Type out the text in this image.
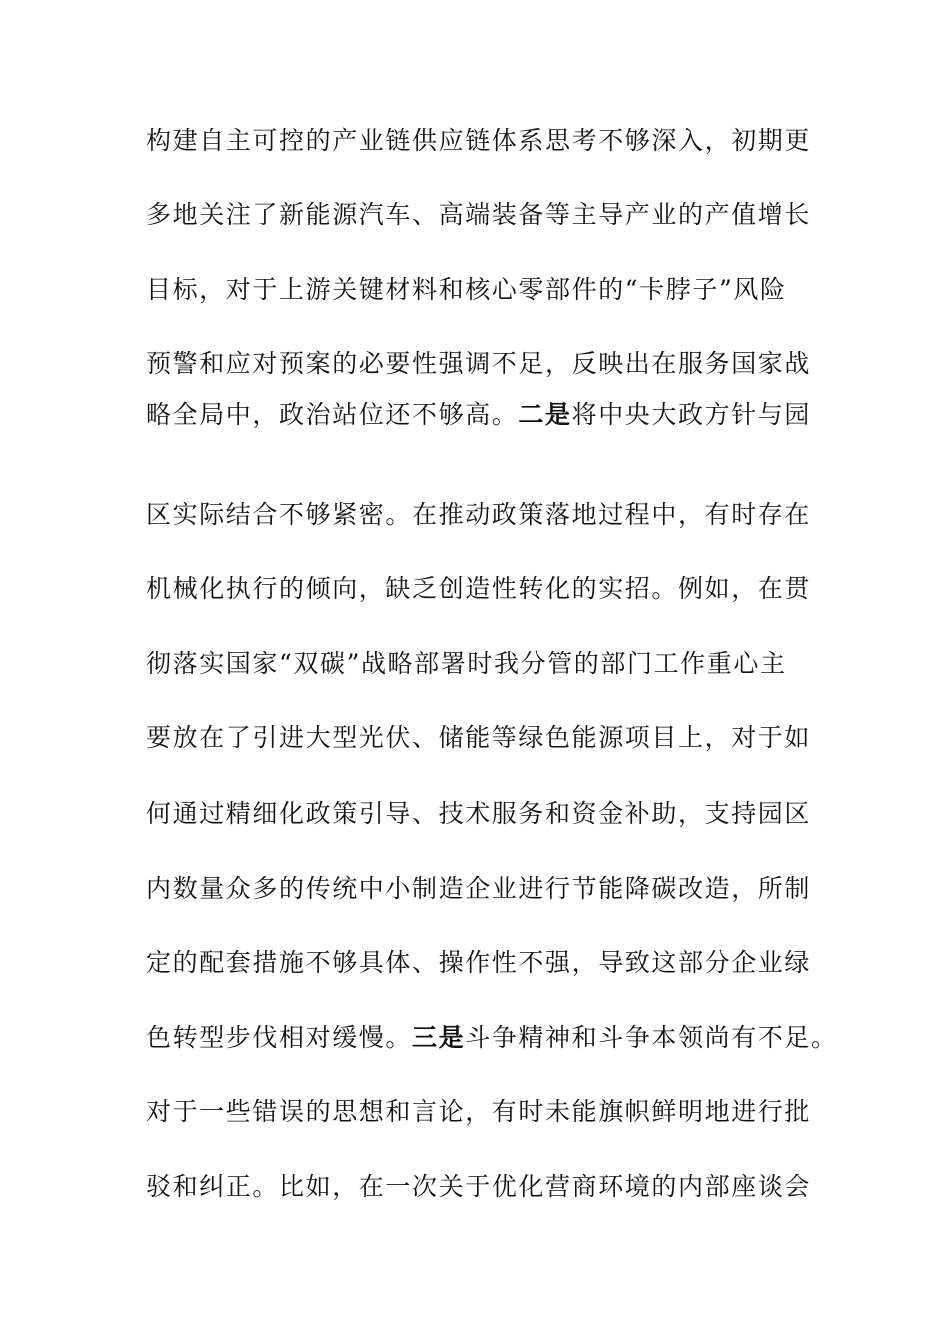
构建自主可控的产业链供应链体系思考不够深入，初期更
多地关注了新能源汽车、高端装备等主导产业的产值增长
目标，对于上游关键材料和核心零部件的“卡脖子”风险
预警和应对预案的必要性强调不足，反映出在服务国家战
略全局中，政治站位还不够高。二是将中央大政方针与园
区实际结合不够紧密。在推动政策落地过程中，有时存在
机械化执行的倾向，缺乏创造性转化的实招。例如，在贯
彻落实国家“双碳”战略部署时我分管的部门工作重心主
要放在了引进大型光伏、储能等绿色能源项目上，对于如
何通过精细化政策引导、技术服务和资金补助，支持园区
内数量众多的传统中小制造企业进行节能降碳改造，所制
定的配套措施不够具体、操作性不强，导致这部分企业绿
色转型步伐相对缓慢。三是斗争精神和斗争本领尚有不足。
对于一些错误的思想和言论，有时未能旗帜鲜明地进行批
驳和纠正。比如，在一次关于优化营商环境的内部座谈会
